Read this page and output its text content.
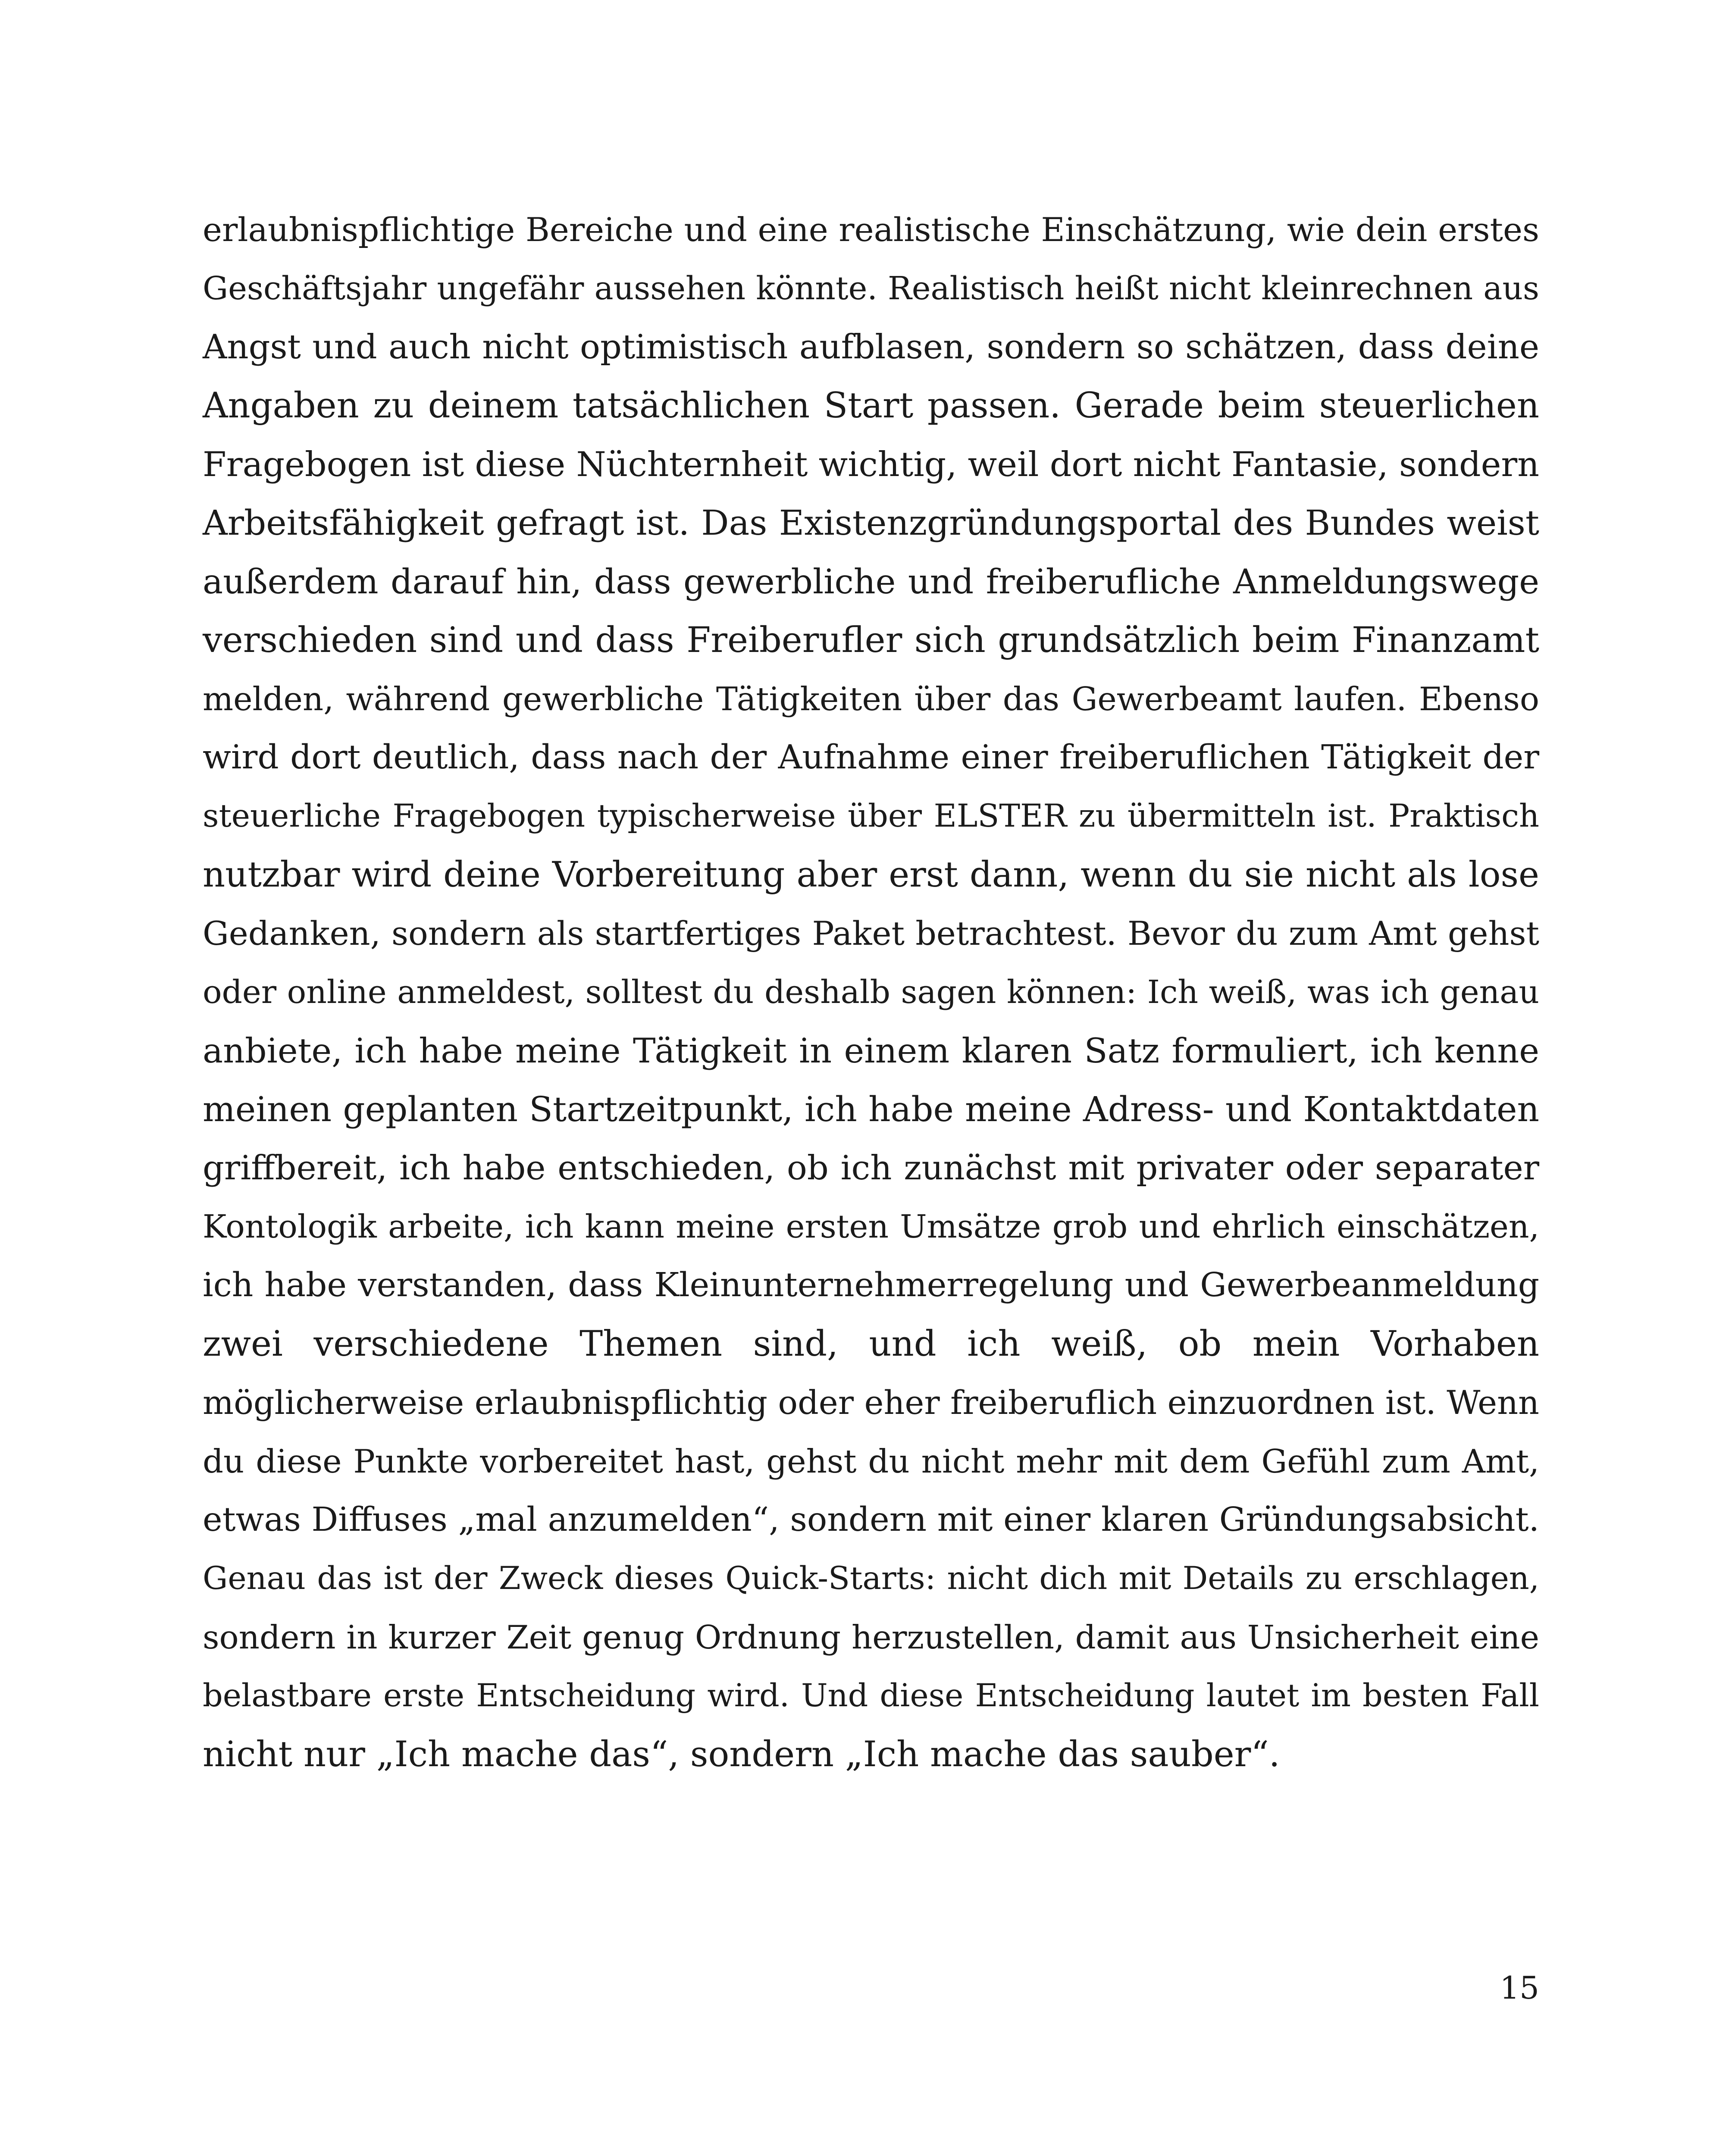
erlaubnispflichtige Bereiche und eine realistische Einschätzung, wie dein erstes
Geschäftsjahr ungefähr aussehen könnte. Realistisch heißt nicht kleinrechnen aus
Angst und auch nicht optimistisch aufblasen, sondern so schätzen, dass deine
Angaben zu deinem tatsächlichen Start passen. Gerade beim steuerlichen
Fragebogen ist diese Nüchternheit wichtig, weil dort nicht Fantasie, sondern
Arbeitsfähigkeit gefragt ist. Das Existenzgründungsportal des Bundes weist
außerdem darauf hin, dass gewerbliche und freiberufliche Anmeldungswege
verschieden sind und dass Freiberufler sich grundsätzlich beim Finanzamt
melden, während gewerbliche Tätigkeiten über das Gewerbeamt laufen. Ebenso
wird dort deutlich, dass nach der Aufnahme einer freiberuflichen Tätigkeit der
steuerliche Fragebogen typischerweise über ELSTER zu übermitteln ist. Praktisch
nutzbar wird deine Vorbereitung aber erst dann, wenn du sie nicht als lose
Gedanken, sondern als startfertiges Paket betrachtest. Bevor du zum Amt gehst
oder online anmeldest, solltest du deshalb sagen können: Ich weiß, was ich genau
anbiete, ich habe meine Tätigkeit in einem klaren Satz formuliert, ich kenne
meinen geplanten Startzeitpunkt, ich habe meine Adress- und Kontaktdaten
griffbereit, ich habe entschieden, ob ich zunächst mit privater oder separater
Kontologik arbeite, ich kann meine ersten Umsätze grob und ehrlich einschätzen,
ich habe verstanden, dass Kleinunternehmerregelung und Gewerbeanmeldung
zwei verschiedene Themen sind, und ich weiß, ob mein Vorhaben
möglicherweise erlaubnispflichtig oder eher freiberuflich einzuordnen ist. Wenn
du diese Punkte vorbereitet hast, gehst du nicht mehr mit dem Gefühl zum Amt,
etwas Diffuses „mal anzumelden“, sondern mit einer klaren Gründungsabsicht.
Genau das ist der Zweck dieses Quick-Starts: nicht dich mit Details zu erschlagen,
sondern in kurzer Zeit genug Ordnung herzustellen, damit aus Unsicherheit eine
belastbare erste Entscheidung wird. Und diese Entscheidung lautet im besten Fall
nicht nur „Ich mache das“, sondern „Ich mache das sauber“.
15
